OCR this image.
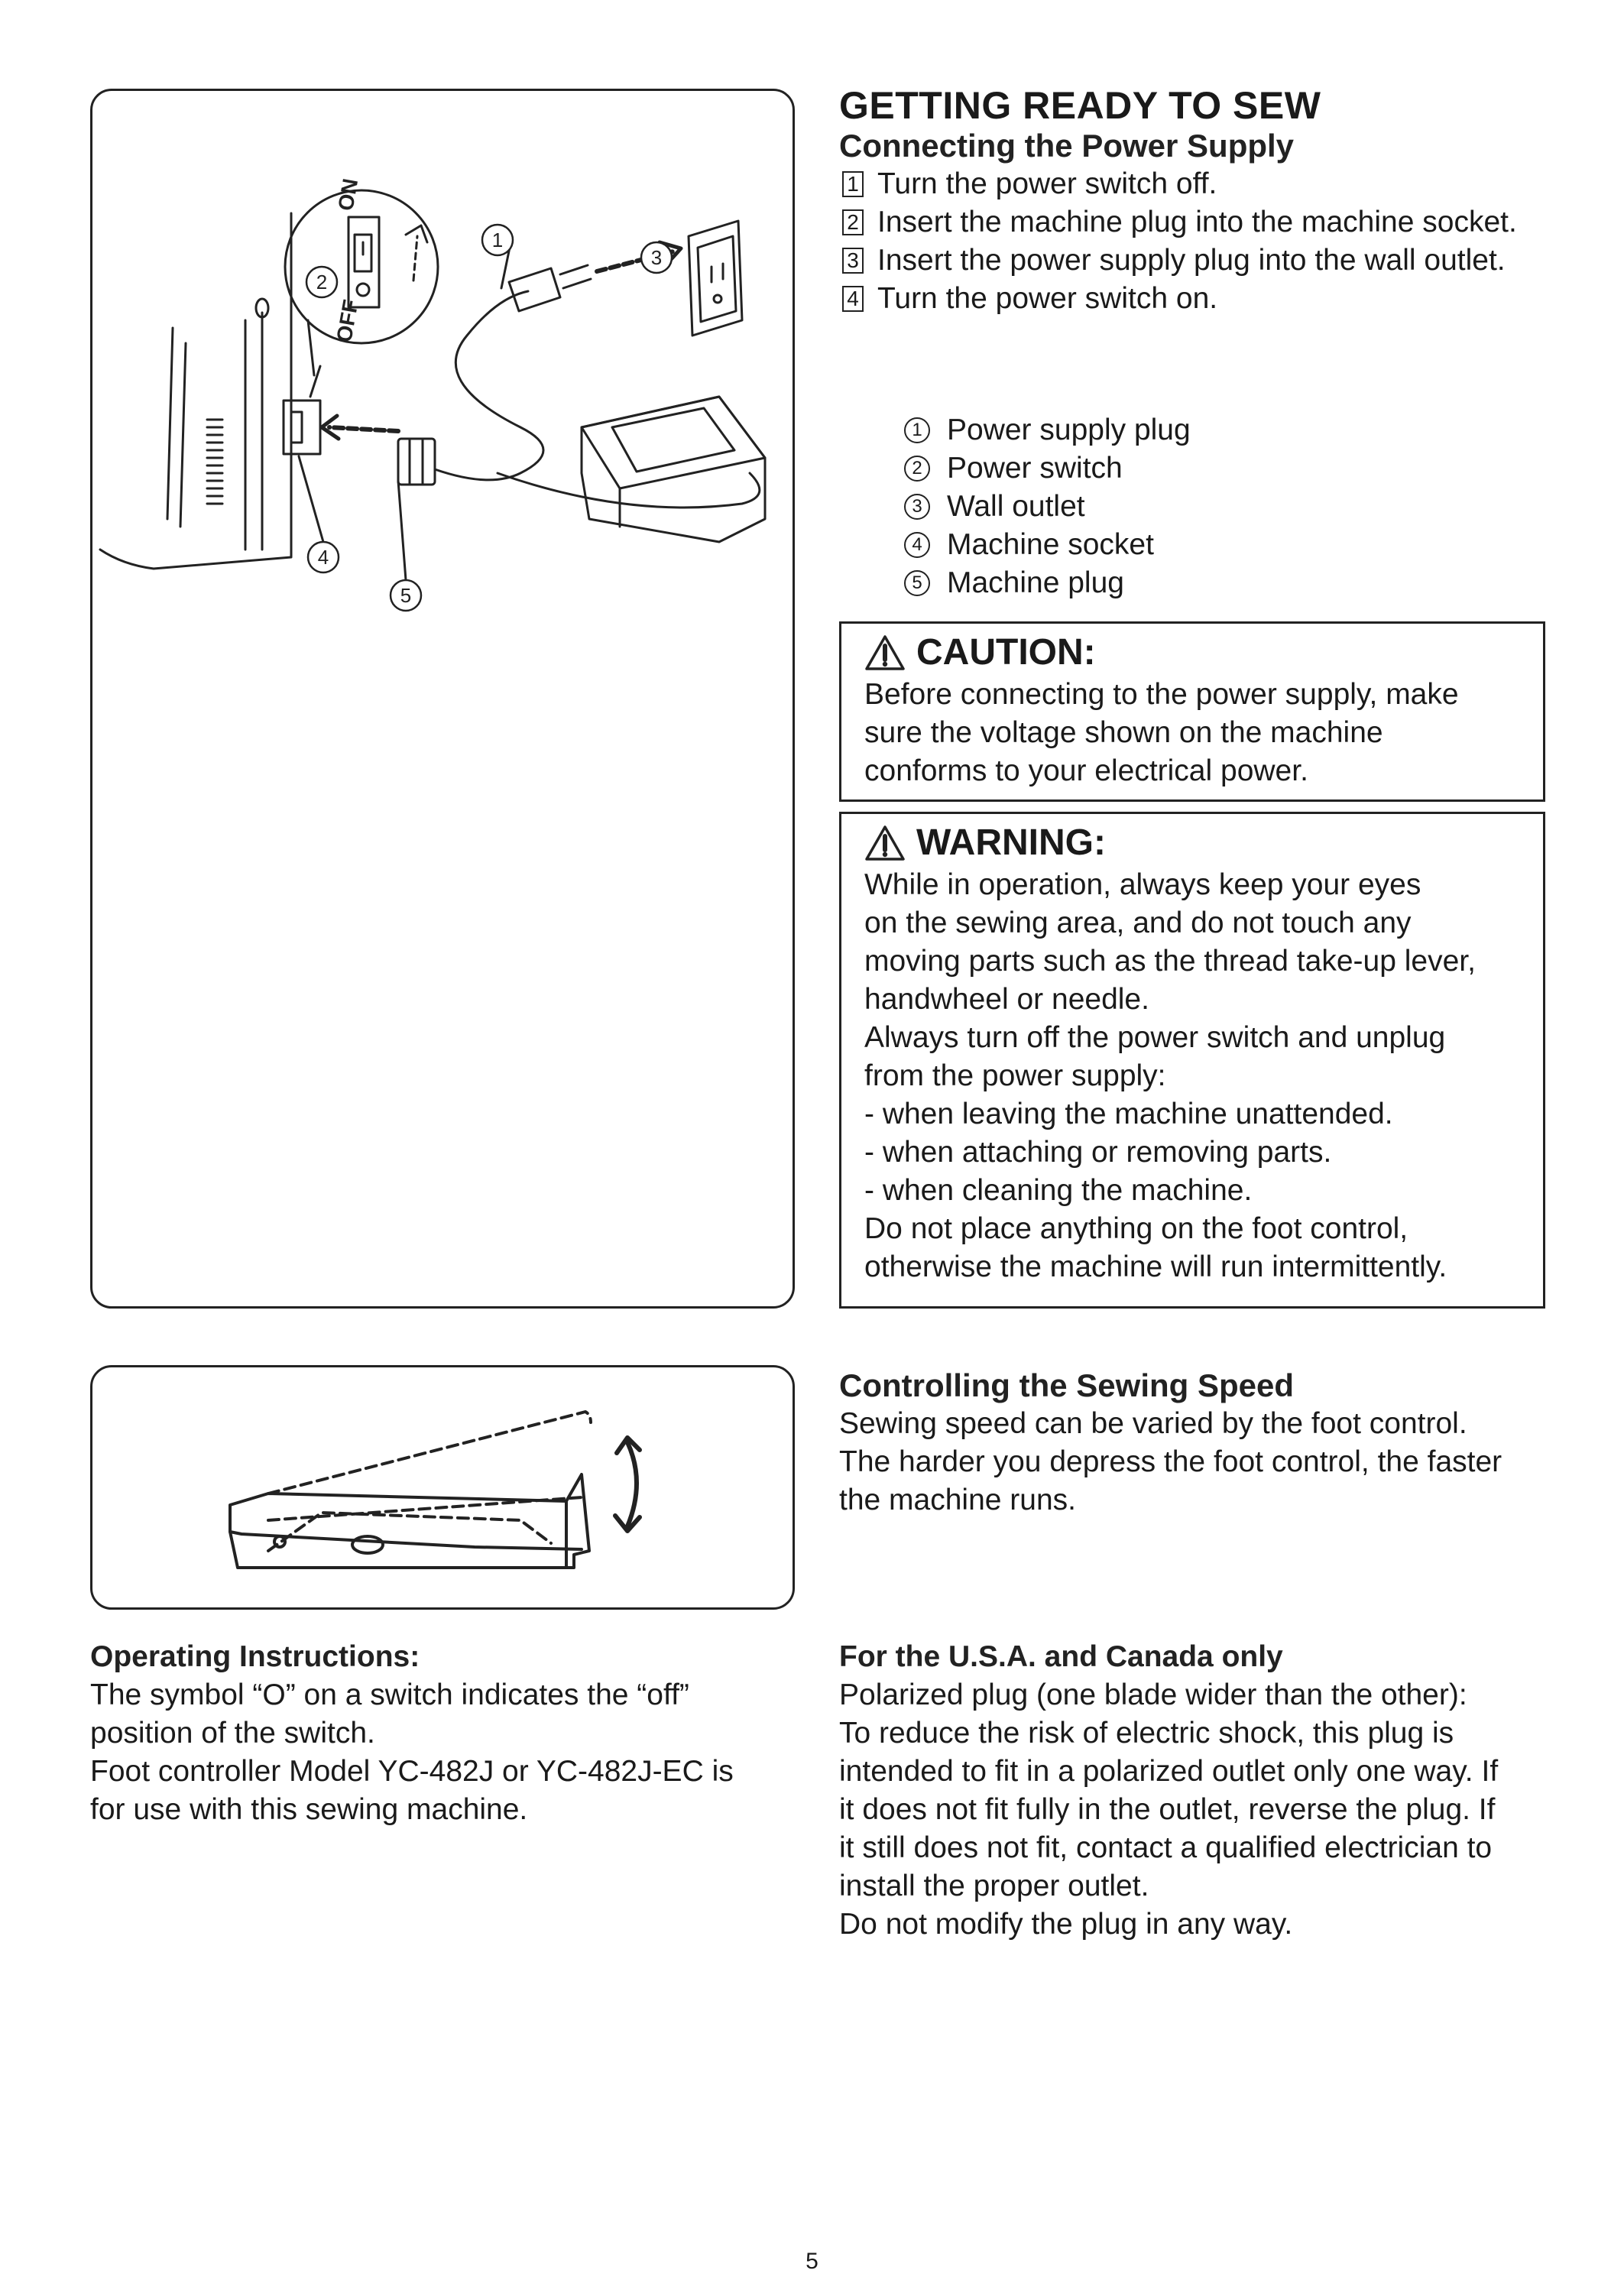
ON
OFF
1
2
3
4
5
GETTING READY TO SEW
Connecting the Power Supply
1 Turn the power switch off.
2 Insert the machine plug into the machine socket.
3 Insert the power supply plug into the wall outlet.
4 Turn the power switch on.
1 Power supply plug
2 Power switch
3 Wall outlet
4 Machine socket
5 Machine plug
CAUTION:
Before connecting to the power supply, make
sure the voltage shown on the machine
conforms to your electrical power.
WARNING:
While in operation, always keep your eyes
on the sewing area, and do not touch any
moving parts such as the thread take-up lever,
handwheel or needle.
Always turn off the power switch and unplug
from the power supply:
- when leaving the machine unattended.
- when attaching or removing parts.
- when cleaning the machine.
Do not place anything on the foot control,
otherwise the machine will run intermittently.
Controlling the Sewing Speed
Sewing speed can be varied by the foot control.
The harder you depress the foot control, the faster
the machine runs.
Operating Instructions:
The symbol “O” on a switch indicates the “off”
position of the switch.
Foot controller Model YC-482J or YC-482J-EC is
for use with this sewing machine.
For the U.S.A. and Canada only
Polarized plug (one blade wider than the other):
To reduce the risk of electric shock, this plug is
intended to fit in a polarized outlet only one way. If
it does not fit fully in the outlet, reverse the plug. If
it still does not fit, contact a qualified electrician to
install the proper outlet.
Do not modify the plug in any way.
5
